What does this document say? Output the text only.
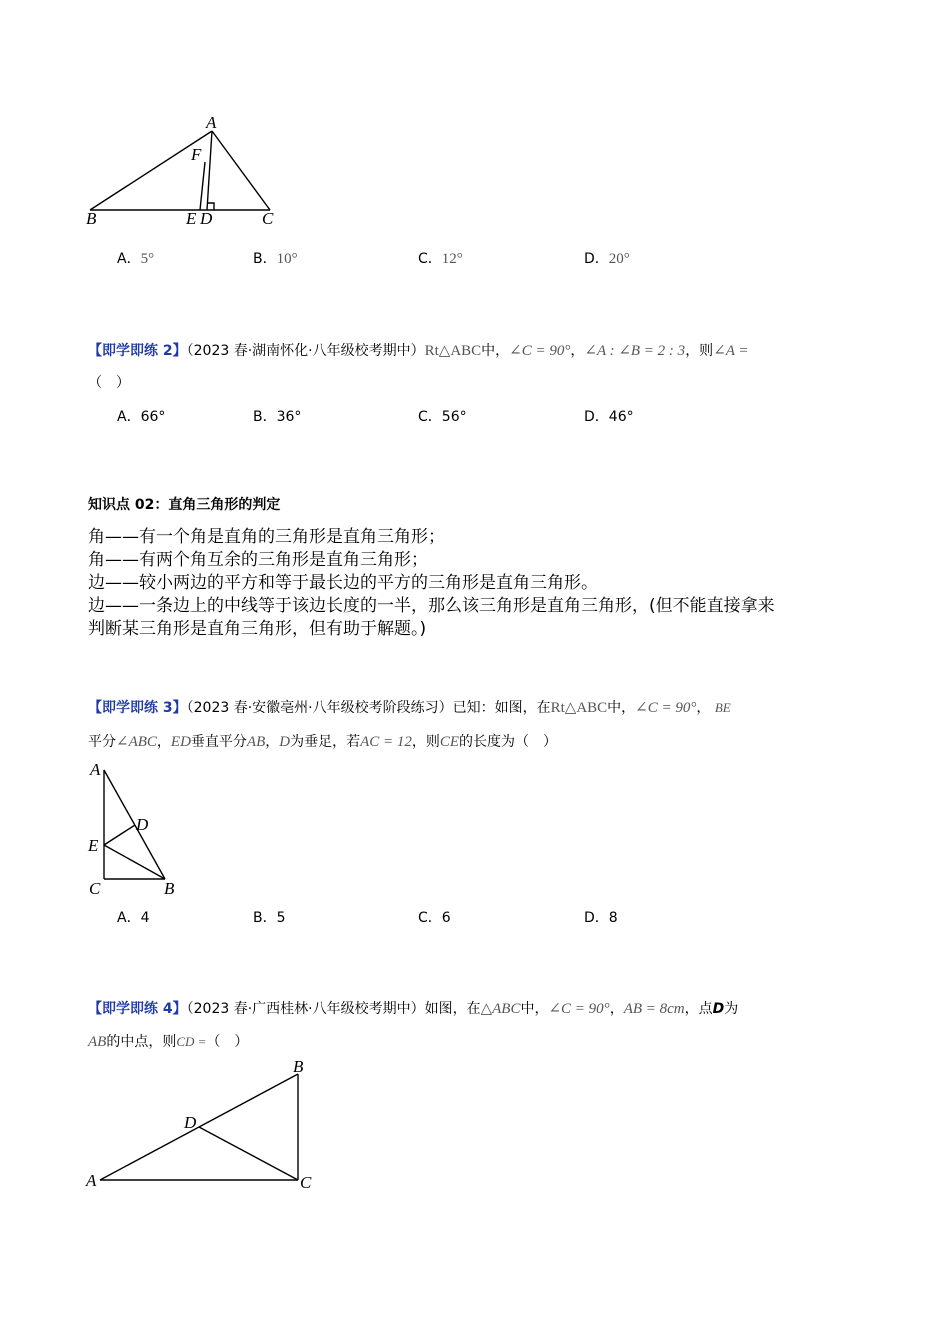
A
F
B	E D	C
A．5°	B．10°	C．12°	D．20°
【即学即练 2】（2023 春·湖南怀化·八年级校考期中）Rt△ABC中，∠C = 90°，∠A : ∠B = 2 : 3，则∠A =
（　）
A．66°	B．36°	C．56°	D．46°
知识点 02：直角三角形的判定
角——有一个角是直角的三角形是直角三角形；
角——有两个角互余的三角形是直角三角形；
边——较小两边的平方和等于最长边的平方的三角形是直角三角形。
边——一条边上的中线等于该边长度的一半，那么该三角形是直角三角形，(但不能直接拿来
判断某三角形是直角三角形，但有助于解题。)
【即学即练 3】（2023 春·安徽亳州·八年级校考阶段练习）已知：如图，在Rt△ABC中，∠C = 90°， BE
平分∠ABC，ED垂直平分AB，D为垂足，若AC = 12，则CE的长度为（　）
A
D
E
C	B
A．4	B．5	C．6	D．8
【即学即练 4】（2023 春·广西桂林·八年级校考期中）如图，在△ABC中，∠C = 90°，AB = 8cm，点D为
AB的中点，则CD =（　）
B
D
A	C
